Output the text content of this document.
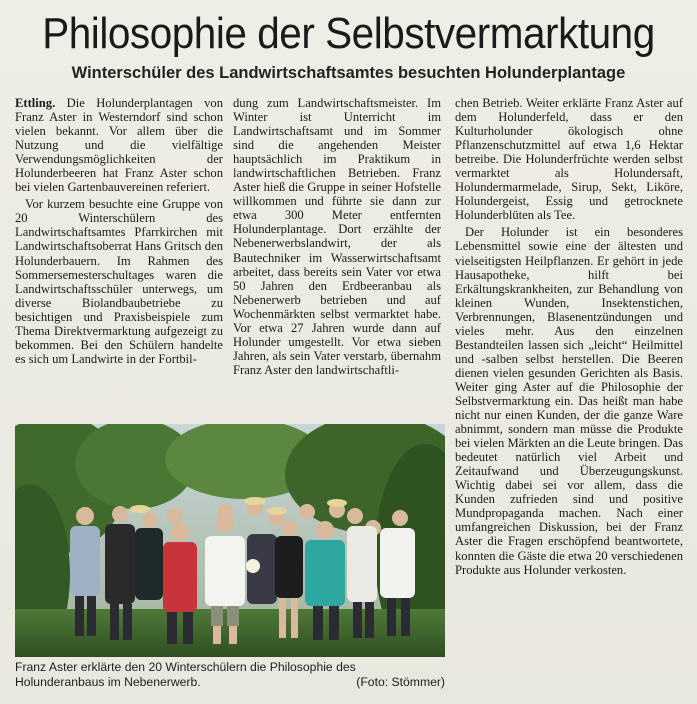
Philosophie der Selbstvermarktung
Winterschüler des Landwirtschaftsamtes besuchten Holunderplantage

Ettling. Die Holunderplantagen von Franz Aster in Westerndorf sind schon vielen bekannt. Vor allem über die Nutzung und die vielfältige Verwendungsmöglichkeiten der Holunderbeeren hat Franz Aster schon bei vielen Gartenbauvereinen referiert.

Vor kurzem besuchte eine Gruppe von 20 Winterschülern des Landwirtschaftsamtes Pfarrkirchen mit Landwirtschaftsoberrat Hans Gritsch den Holunderbauern. Im Rahmen des Sommersemesterschultages waren die Landwirtschaftsschüler unterwegs, um diverse Biolandbaubetriebe zu besichtigen und Praxisbeispiele zum Thema Direktvermarktung aufgezeigt zu bekommen. Bei den Schülern handelte es sich um Landwirte in der Fortbil-

dung zum Landwirtschaftsmeister. Im Winter ist Unterricht im Landwirtschaftsamt und im Sommer sind die angehenden Meister hauptsächlich im Praktikum in landwirtschaftlichen Betrieben. Franz Aster hieß die Gruppe in seiner Hofstelle willkommen und führte sie dann zur etwa 300 Meter entfernten Holunderplantage. Dort erzählte der Nebenerwerbslandwirt, der als Bautechniker im Wasserwirtschaftsamt arbeitet, dass bereits sein Vater vor etwa 50 Jahren den Erdbeeranbau als Nebenerwerb betrieben und auf Wochenmärkten selbst vermarktet habe. Vor etwa 27 Jahren wurde dann auf Holunder umgestellt. Vor etwa sieben Jahren, als sein Vater verstarb, übernahm Franz Aster den landwirtschaftli-

chen Betrieb. Weiter erklärte Franz Aster auf dem Holunderfeld, dass er den Kulturholunder ökologisch ohne Pflanzenschutzmittel auf etwa 1,6 Hektar betreibe. Die Holunderfrüchte werden selbst vermarktet als Holundersaft, Holundermarmelade, Sirup, Sekt, Liköre, Holundergeist, Essig und getrocknete Holunderblüten als Tee.

Der Holunder ist ein besonderes Lebensmittel sowie eine der ältesten und vielseitigsten Heilpflanzen. Er gehört in jede Hausapotheke, hilft bei Erkältungskrankheiten, zur Behandlung von kleinen Wunden, Insektenstichen, Verbrennungen, Blasenentzündungen und vieles mehr. Aus den einzelnen Bestandteilen lassen sich „leicht“ Heilmittel und -salben selbst herstellen. Die Beeren dienen vielen gesunden Gerichten als Basis. Weiter ging Aster auf die Philosophie der Selbstvermarktung ein. Das heißt man habe nicht nur einen Kunden, der die ganze Ware abnimmt, sondern man müsse die Produkte bei vielen Märkten an die Leute bringen. Das bedeutet natürlich viel Arbeit und Zeitaufwand und Überzeugungskunst. Wichtig dabei sei vor allem, dass die Kunden zufrieden sind und positive Mundpropaganda machen. Nach einer umfangreichen Diskussion, bei der Franz Aster die Fragen erschöpfend beantwortete, konnten die Gäste die etwa 20 verschiedenen Produkte aus Holunder verkosten.

Franz Aster erklärte den 20 Winterschülern die Philosophie des Holunderanbaus im Nebenerwerb.	(Foto: Stömmer)
